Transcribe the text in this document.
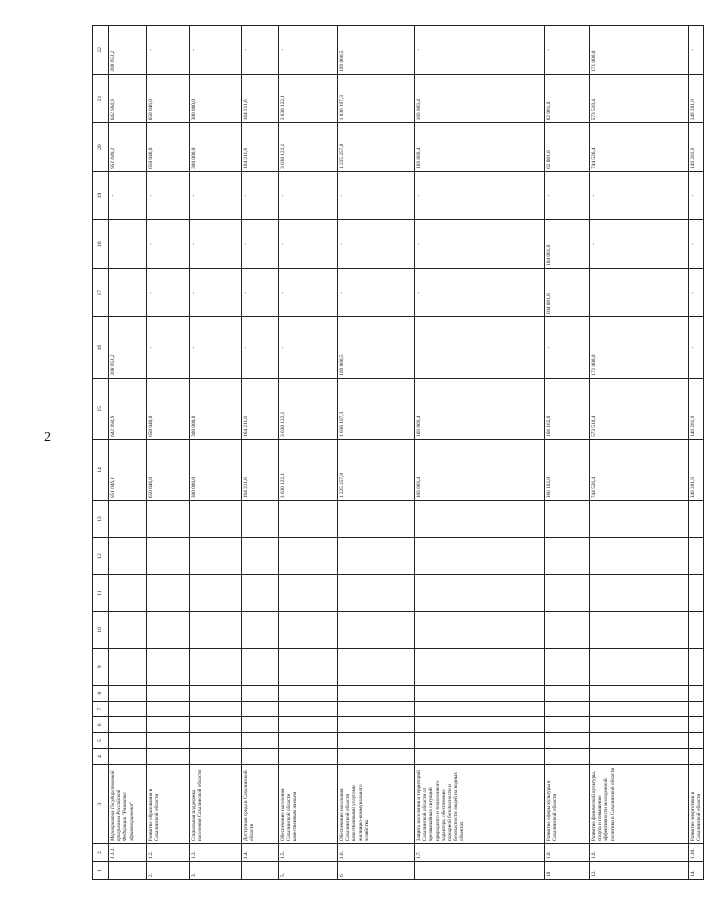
2
1	2	3	4	5	6	7	8	9	10	11	12	13	14	15	16	17	18	19	20	21	22
	1.1.1.	Мероприятия Государственной программы Российской Федерации "Развитие здравоохранения"											951 046,1	642 994,9	308 051,2			-	951 046,1	642 994,9	308 051,2
2.	1.2.	Развитие образования в Сахалинской области											650 046,0	650 046,0	-	-	-	-	650 046,0	650 046,0	-
3.	1.3.	Социальная поддержка населения Сахалинской области											300 000,0	300 000,0	-	-	-	-	300 000,0	300 000,0	-
	1.4.	Доступная среда в Сахалинской области											164 211,6	164 211,6	-	-	-	-	164 211,6	164 211,6	-
5.	1.5.	Обеспечение населения Сахалинской области качественным жильем											3 630 122,1	3 630 122,1	-	-	-	-	3 630 122,1	3 630 122,1	-
6	1.6.	Обеспечение населения Сахалинской области качественными услугами жилищно-коммунального хозяйства											1 225 257,8	1 036 197,3	189 060,5	-	-	-	1 225 257,8	1 036 197,3	189 060,5
	1.7.	Защита населения и территорий Сахалинской области от чрезвычайных ситуаций природного и техногенного характера, обеспечение пожарной безопасности и безопасности людей на водных объектах											169 869,4	169 869,4		-	-	-	169 869,4	169 869,4	-
10	1.8.	Развитие сферы культуры в Сахалинской области											166 162,0	166 162,0	-	104 081,0	104 081,0	-	62 081,0	62 081,0	-
12.	1.9.	Развитие физической культуры, спорта и повышение эффективности молодежной политики в Сахалинской области											744 526,4	573 518,4	171 008,0		-	-	744 526,4	573 518,4	171 008,0
14.	1.10.	Развитие энергетики в Сахалинской области											149 281,9	149 281,9	-	-	-	-	149 281,9	149 281,9	-
